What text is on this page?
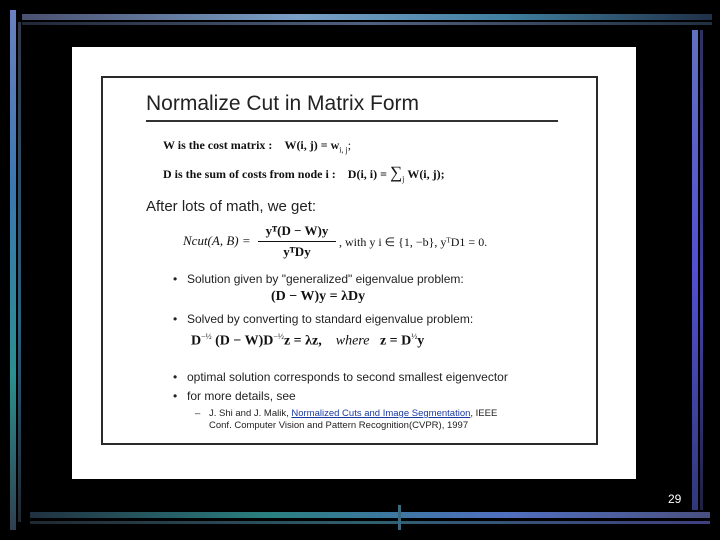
Normalize Cut in Matrix Form
W is the cost matrix : W(i, $j) = w_{i, j}$;
D is the sum of costs from node i : D(i, $i) = \sum_j$ W(i, j);
After lots of math, we get:
Ncut(A, B) =
yᵀ(D − W)y
yᵀDy
, with y i ∈ {1, −b}, yᵀD1 = 0.
• Solution given by "generalized" eigenvalue problem:
(D − W)y = λDy
• Solved by converting to standard eigenvalue problem:
$D^{-\frac{1}{2}}$ $(D - W)D^{-\frac{1}{2}}z = \lambda z$, where $z = D^{\frac{1}{2}}y$
• optimal solution corresponds to second smallest eigenvector
• for more details, see
– J. Shi and J. Malik, Normalized Cuts and Image Segmentation, IEEE
Conf. Computer Vision and Pattern Recognition(CVPR), 1997
29
